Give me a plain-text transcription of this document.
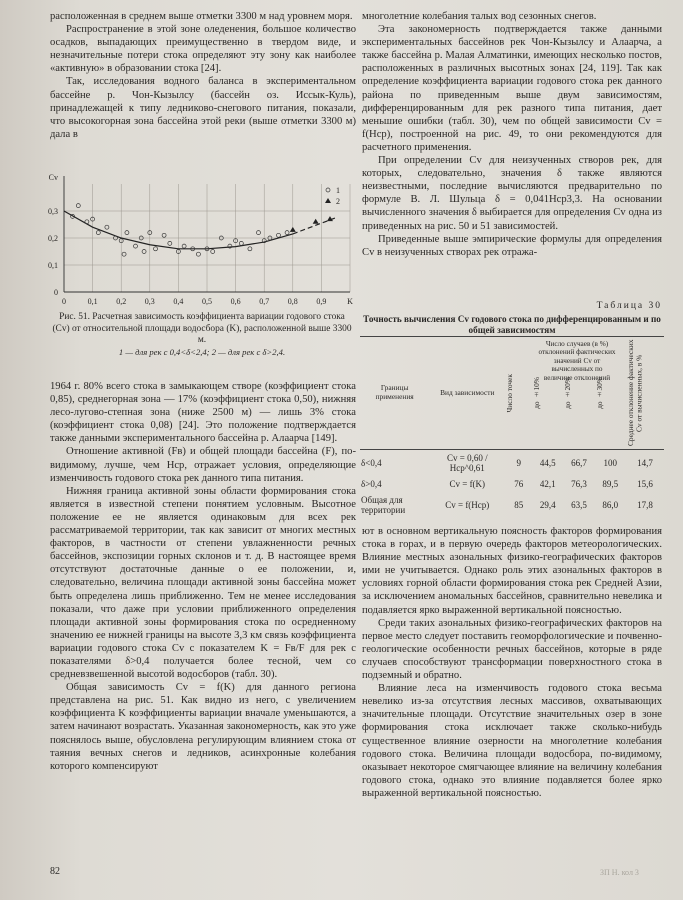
расположенная в среднем выше отметки 3300 м над уровнем моря.

Распространение в этой зоне оледенения, большое количество осадков, выпадающих преимущественно в твердом виде, и незначительные потери стока определяют эту зону как наиболее «активную» в образовании стока [24].

Так, исследования водного баланса в экспериментальном бассейне р. Чон-Кызылсу (бассейн оз. Иссык-Куль), принадлежащей к типу ледниково-снегового питания, показали, что высокогорная зона бассейна этой реки (выше отметки 3300 м) дала в

0	0,1 0,2 0,3 0,4 0,5 0,6 0,7 0,8 0,9	K
0
0,1
0,2
0,3
Cv
1
2
Рис. 51. Расчетная зависимость коэффициента вариации годового стока (Cv) от относительной площади водосбора (K), расположенной выше 3300 м.
1 — для рек с 0,4<δ<2,4; 2 — для рек с δ>2,4.

1964 г. 80% всего стока в замыкающем створе (коэффициент стока 0,85), среднегорная зона — 17% (коэффициент стока 0,50), нижняя лесо-лугово-степная зона (ниже 2500 м) — лишь 3% стока (коэффициент стока 0,08) [24]. Это положение подтверждается также данными экспериментального бассейна р. Алаарча [149].

Отношение активной (Fв) и общей площади бассейна (F), по-видимому, лучше, чем Hср, отражает условия, определяющие изменчивость годового стока рек данного типа питания.

Нижняя граница активной зоны области формирования стока является в известной степени понятием условным. Высотное положение ее не является одинаковым для всех рек рассматриваемой территории, так как зависит от многих местных факторов, в частности от степени увлажненности речных бассейнов, экспозиции горных склонов и т. д. В настоящее время отсутствуют достаточные данные о ее положении, и, следовательно, величина площади активной зоны бассейна может быть определена лишь приближенно. Тем не менее исследования показали, что даже при условии приближенного определения площади активной зоны формирования стока по осредненному значению ее нижней границы на высоте 3,3 км связь коэффициента вариации годового стока Cv с показателем K = Fв/F для рек с показателями δ>0,4 получается более тесной, чем со средневзвешенной высотой водосборов (табл. 30).

Общая зависимость Cv = f(K) для данного региона представлена на рис. 51. Как видно из него, с увеличением коэффициента K коэффициенты вариации вначале уменьшаются, а затем начинают возрастать. Указанная закономерность, как это уже пояснялось выше, обусловлена регулирующим влиянием стока от таяния вечных снегов и ледников, асинхронные колебания которого компенсируют

многолетние колебания талых вод сезонных снегов.

Эта закономерность подтверждается также данными экспериментальных бассейнов рек Чон-Кызылсу и Алаарча, а также бассейна р. Малая Алматинки, имеющих несколько постов, расположенных в различных высотных зонах [24, 119]. Так как определение коэффициента вариации годового стока рек данного района по приведенным выше двум зависимостям, дифференцированным для рек разного типа питания, дает меньшие ошибки (табл. 30), чем по общей зависимости Cv = f(Hср), построенной на рис. 49, то они рекомендуются для расчетного применения.

При определении Cv для неизученных створов рек, для которых, следовательно, значения δ также являются неизвестными, последние вычисляются предварительно по формуле В. Л. Шульца δ = 0,041Hср3,3. На основании вычисленного значения δ выбирается для определения Cv одна из приведенных на рис. 50 и 51 зависимостей.

Приведенные выше эмпирические формулы для определения Cv в неизученных створах рек отража-

Таблица 30
Точность вычисления Cv годового стока по дифференцированным и по общей зависимостям
Границы применения	Вид зависимости	Число точек	до ±10%	до ±20%	до ±30%	Среднее отклонение фактических Cv от вычисленных, в %

δ<0,4	Cv = 0,60 / Hср^0,61	9	44,5	66,7	100	14,7
δ>0,4	Cv = f(K)	76	42,1	76,3	89,5	15,6
Общая для территории	Cv = f(Hср)	85	29,4	63,5	86,0	17,8
Число случаев (в %) отклонений фактических значений Cv от вычисленных по величине отклонений

ют в основном вертикальную поясность факторов формирования стока в горах, и в первую очередь факторов метеорологических. Влияние местных азональных физико-географических факторов ими не учитывается. Однако роль этих азональных факторов в условиях горной области формирования стока рек Средней Азии, за исключением аномальных бассейнов, сравнительно невелика и подавляется ярко выраженной вертикальной поясностью.

Среди таких азональных физико-географических факторов на первое место следует поставить геоморфологические и почвенно-геологические особенности речных бассейнов, которые в ряде случаев способствуют трансформации поверхностного стока в подземный и обратно.

Влияние леса на изменчивость годового стока весьма невелико из-за отсутствия лесных массивов, охватывающих значительные площади. Отсутствие значительных озер в зоне формирования стока исключает также сколько-нибудь существенное влияние озерности на многолетние колебания годового стока. Величина площади водосбора, по-видимому, оказывает некоторое смягчающее влияние на величину колебания годового стока, однако это влияние подавляется более ярко выраженной вертикальной поясностью.

82	ЗП Н. кол 3
